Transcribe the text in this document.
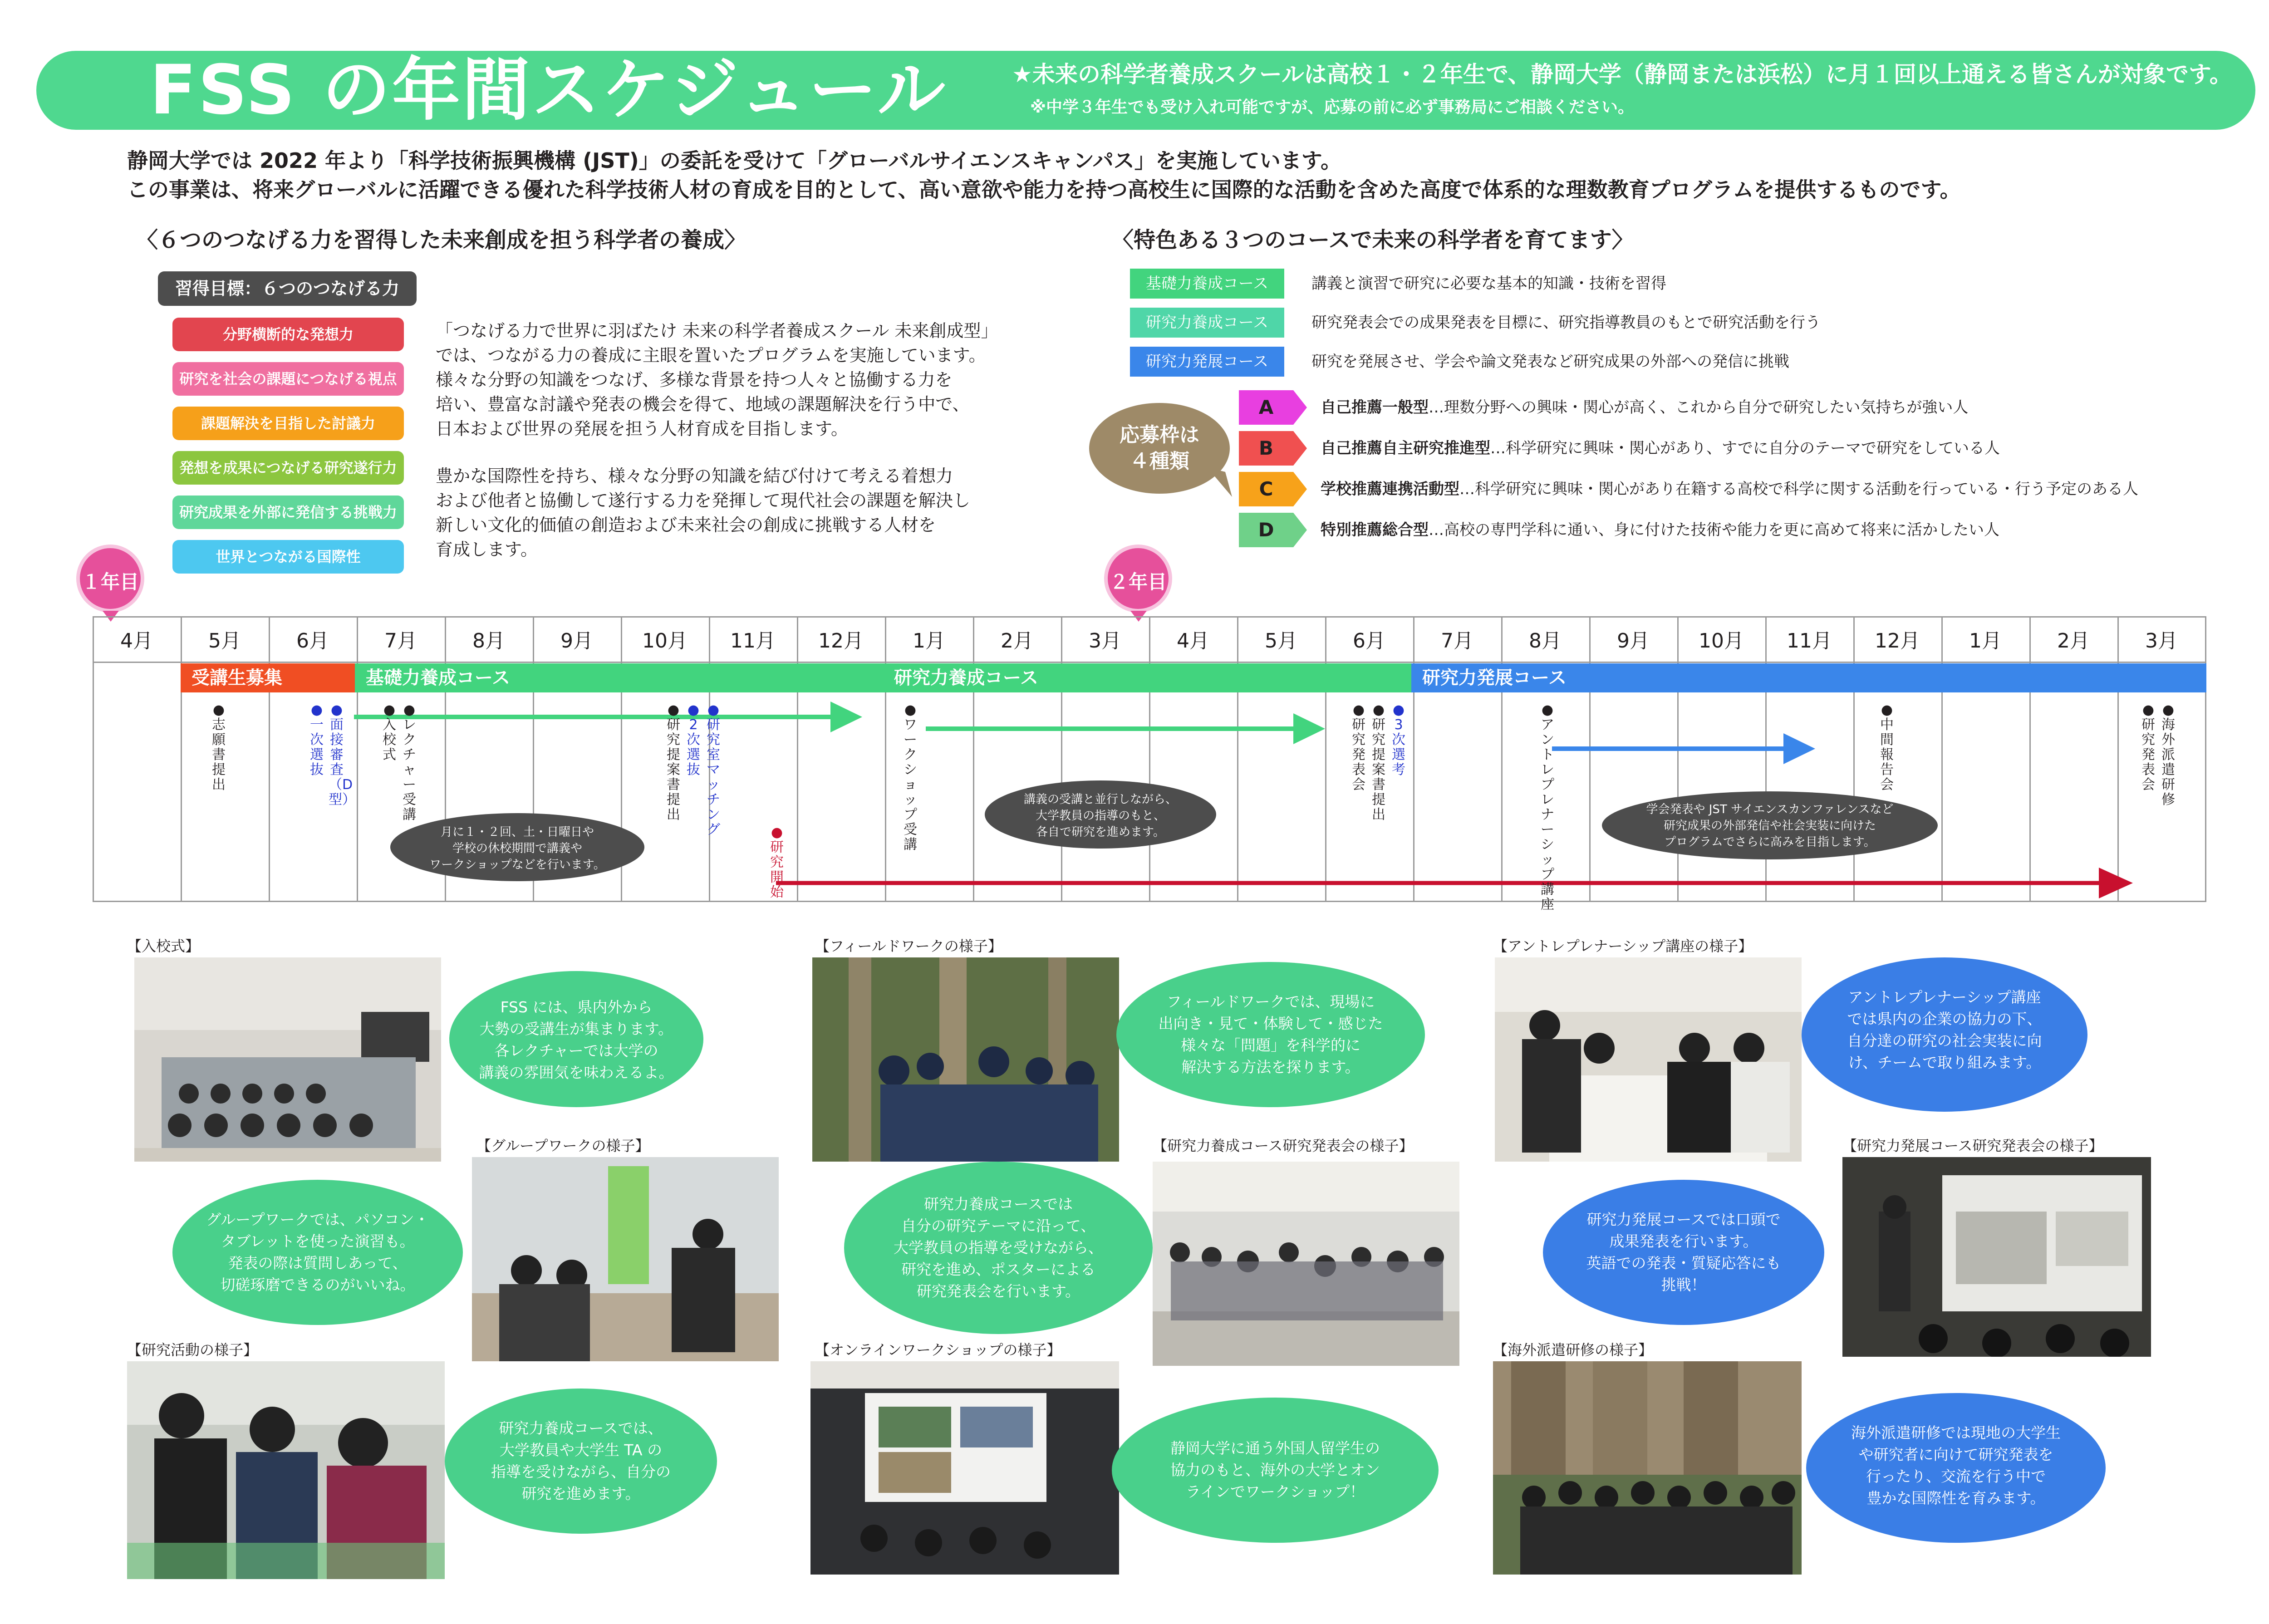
FSS の年間スケジュール	★未来の科学者養成スクールは高校１・２年生で、静岡大学（静岡または浜松）に月１回以上通える皆さんが対象です。
※中学３年生でも受け入れ可能ですが、応募の前に必ず事務局にご相談ください。
静岡大学では 2022 年より「科学技術振興機構 (JST)」の委託を受けて「グローバルサイエンスキャンパス」を実施しています。
この事業は、将来グローバルに活躍できる優れた科学技術人材の育成を目的として、高い意欲や能力を持つ高校生に国際的な活動を含めた高度で体系的な理数教育プログラムを提供するものです。
〈６つのつなげる力を習得した未来創成を担う科学者の養成〉
習得目標：６つのつなげる力
分野横断的な発想力
研究を社会の課題につなげる視点
課題解決を目指した討議力
発想を成果につなげる研究遂行力
研究成果を外部に発信する挑戦力
世界とつながる国際性

「つなげる力で世界に羽ばたけ 未来の科学者養成スクール 未来創成型」
では、つながる力の養成に主眼を置いたプログラムを実施しています。
様々な分野の知識をつなげ、多様な背景を持つ人々と協働する力を
培い、豊富な討議や発表の機会を得て、地域の課題解決を行う中で、
日本および世界の発展を担う人材育成を目指します。

豊かな国際性を持ち、様々な分野の知識を結び付けて考える着想力
および他者と協働して遂行する力を発揮して現代社会の課題を解決し
新しい文化的価値の創造および未来社会の創成に挑戦する人材を
育成します。

〈特色ある３つのコースで未来の科学者を育てます〉
基礎力養成コース	講義と演習で研究に必要な基本的知識・技術を習得
研究力養成コース	研究発表会での成果発表を目標に、研究指導教員のもとで研究活動を行う
研究力発展コース	研究を発展させ、学会や論文発表など研究成果の外部への発信に挑戦
応募枠は
４種類
A	自己推薦一般型…理数分野への興味・関心が高く、これから自分で研究したい気持ちが強い人
B	自己推薦自主研究推進型…科学研究に興味・関心があり、すでに自分のテーマで研究をしている人
C	学校推薦連携活動型…科学研究に興味・関心があり在籍する高校で科学に関する活動を行っている・行う予定のある人
D	特別推薦総合型…高校の専門学科に通い、身に付けた技術や能力を更に高めて将来に活かしたい人
１年目	２年目
4月	5月	6月	7月	8月	9月	10月	11月	12月	1月	2月	3月	4月	5月	6月	7月	8月	9月	10月	11月	12月	1月	2月	3月
受講生募集	基礎力養成コース	研究力養成コース	研究力発展コース
●
志願書提出
●
一次選抜
●
面接審査（D型）
●
入校式
●
レクチャー受講
●
研究提案書提出
●
2次選抜
●
研究室マッチング	●
研究開始
●
ワークショップ受講
●
研究発表会
●
研究提案書提出
●
3次選考
●
アントレプレナーシップ講座
●
中間報告会
●
研究発表会
●
海外派遣研修
月に１・２回、土・日曜日や
学校の休校期間で講義や
ワークショップなどを行います。
講義の受講と並行しながら、
大学教員の指導のもと、
各自で研究を進めます。
学会発表や JST サイエンスカンファレンスなど
研究成果の外部発信や社会実装に向けた
プログラムでさらに高みを目指します。
【入校式】
FSS には、県内外から
大勢の受講生が集まります。
各レクチャーでは大学の
講義の雰囲気を味わえるよ。
【グループワークの様子】
グループワークでは、パソコン・
タブレットを使った演習も。
発表の際は質問しあって、
切磋琢磨できるのがいいね。
【研究活動の様子】
研究力養成コースでは、
大学教員や大学生 TA の
指導を受けながら、自分の
研究を進めます。
【フィールドワークの様子】
フィールドワークでは、現場に
出向き・見て・体験して・感じた
様々な「問題」を科学的に
解決する方法を探ります。
【研究力養成コース研究発表会の様子】
研究力養成コースでは
自分の研究テーマに沿って、
大学教員の指導を受けながら、
研究を進め、ポスターによる
研究発表会を行います。
【オンラインワークショップの様子】
静岡大学に通う外国人留学生の
協力のもと、海外の大学とオン
ラインでワークショップ！
【アントレプレナーシップ講座の様子】
アントレプレナーシップ講座
では県内の企業の協力の下、
自分達の研究の社会実装に向
け、チームで取り組みます。
【研究力発展コース研究発表会の様子】
研究力発展コースでは口頭で
成果発表を行います。
英語での発表・質疑応答にも
挑戦！
【海外派遣研修の様子】
海外派遣研修では現地の大学生
や研究者に向けて研究発表を
行ったり、交流を行う中で
豊かな国際性を育みます。
